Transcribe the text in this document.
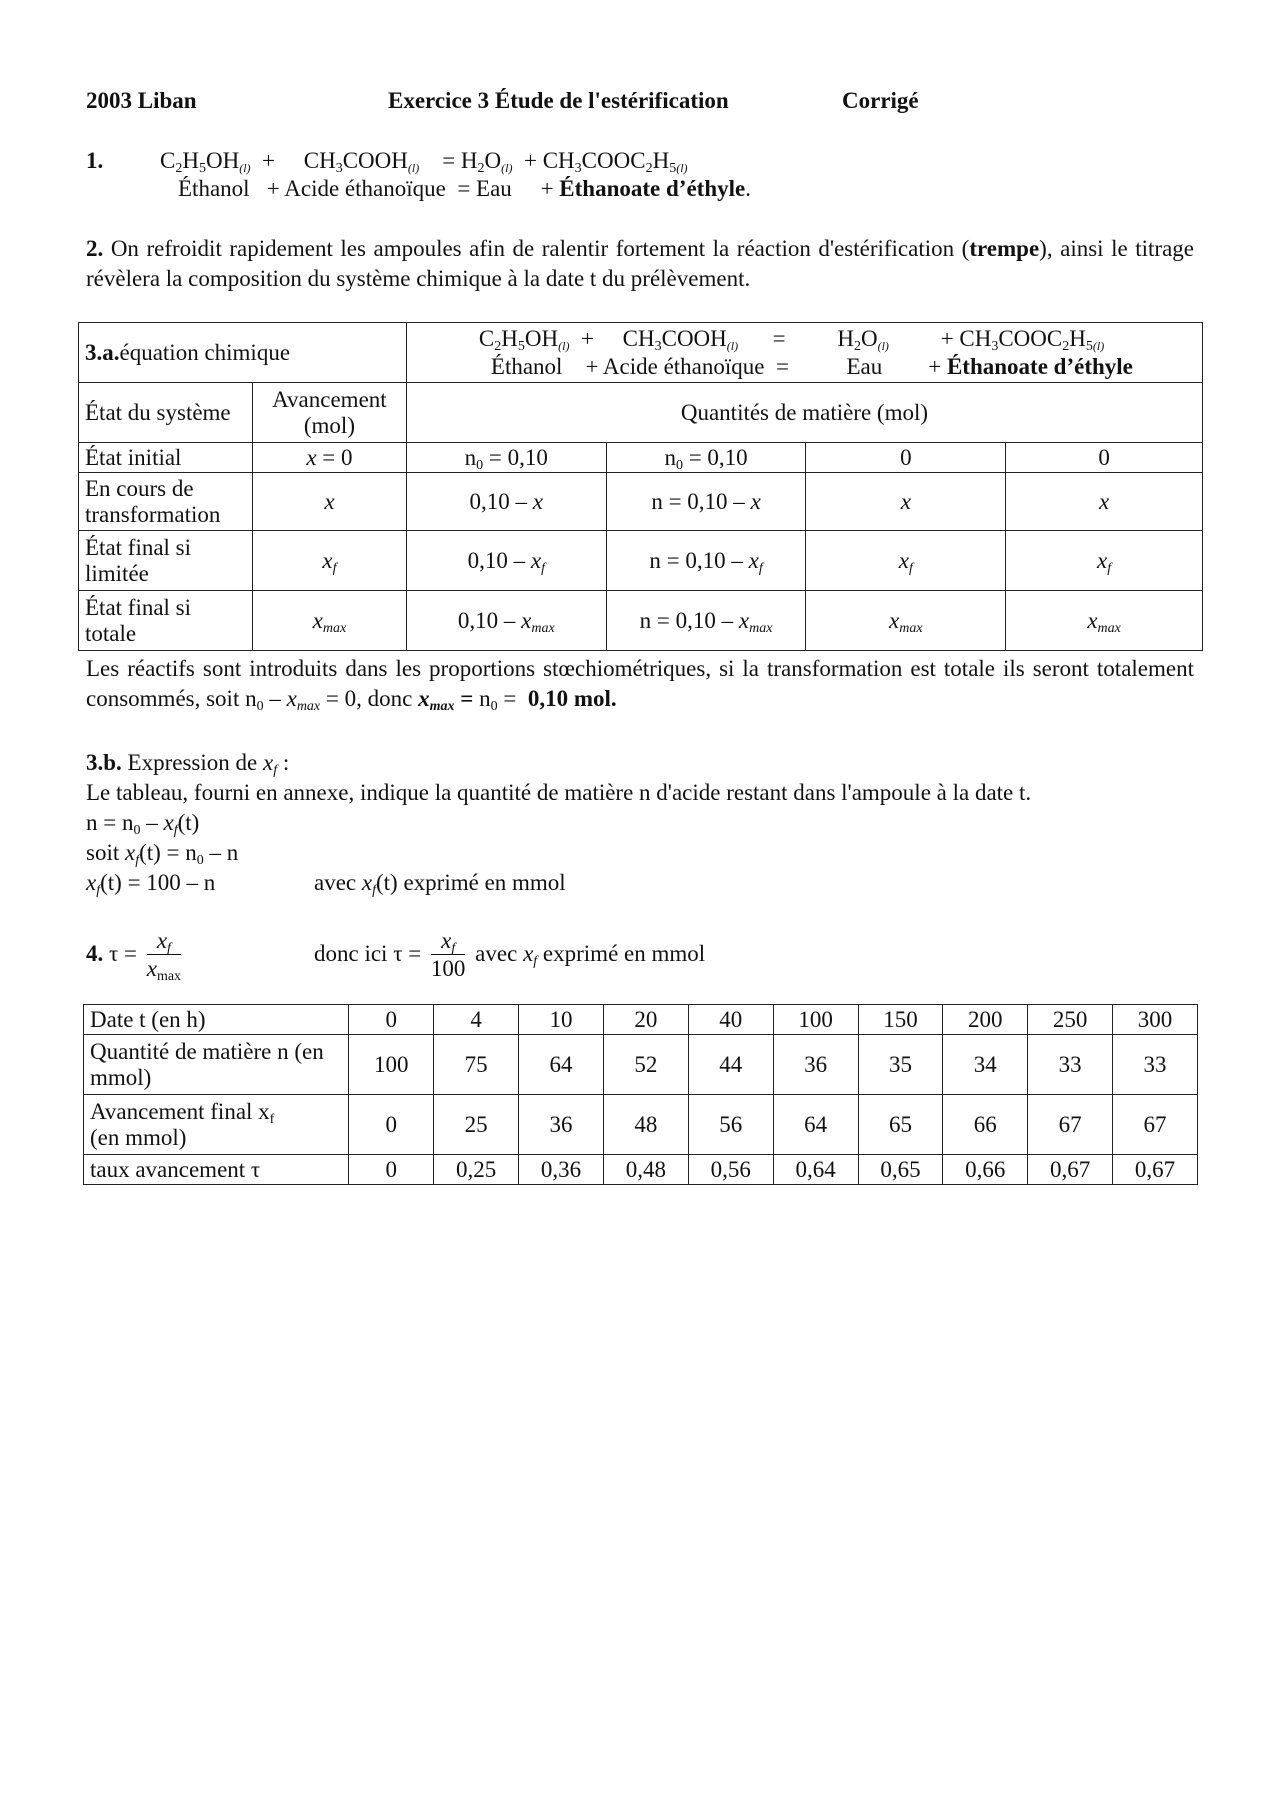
2003 Liban	Exercice 3 Étude de l'estérification	Corrigé
1. $C_2H_5OH_{(l)}$  +     $CH_3COOH_{(l)}$    = $H_2O_{(l)}$  + $CH_3COOC_2H_{5(l)}$
Éthanol + Acide éthanoïque = Eau + Éthanoate d’éthyle.
2. On refroidit rapidement les ampoules afin de ralentir fortement la réaction d'estérification (trempe), ainsi le titrage révèlera la composition du système chimique à la date t du prélèvement.
3.a.équation chimique		$C_2H_5OH_{(l)}$  +     $CH_3COOH_{(l)}$      =         $H_2O_{(l)}$         + $CH_3COOC_2H_{5(l)}$
Éthanol + Acide éthanoïque = Eau + Éthanoate d’éthyle			

État du système	Avancement (mol)	Quantités de matière (mol)			
État initial	x = 0	$n_0 = 0,10$	$n_0 = 0,10$	0	0
En cours de transformation	x	0,10 – x	n = 0,10 – x	x	x
État final si limitée	$x_f$	$0,10 - x_f$	$n = 0,10 - x_f$	$x_f$	$x_f$
État final si totale	$x_{max}$	$0,10 - x_{max}$	$n = 0,10 - x_{max}$	$x_{max}$	$x_{max}$
Les réactifs sont introduits dans les proportions stœchiométriques, si la transformation est totale ils seront totalement consommés, soit $n_0 - x_{max} = 0$, donc $x_{max} = n_0 = 0,10$ mol.
3.b. Expression de $x_f$ :
Le tableau, fourni en annexe, indique la quantité de matière n d'acide restant dans l'ampoule à la date t.
$n = n_0 - x_f(t)$
soit $x_f(t) = n_0 - n$
$x_f(t) = 100 - n$	avec $x_f(t)$ exprimé en mmol
4. $\tau = \frac{x_f}{x_{max}}$	donc ici $\tau = \frac{x_f}{100}$ avec $x_f$ exprimé en mmol
Date t (en h)	0	4	10	20	40	100	150	200	250	300
Quantité de matière n (en mmol)	100	75	64	52	44	36	35	34	33	33
Avancement final $x_f$
(en mmol)	0	25	36	48	56	64	65	66	67	67
taux avancement τ	0	0,25	0,36	0,48	0,56	0,64	0,65	0,66	0,67	0,67
